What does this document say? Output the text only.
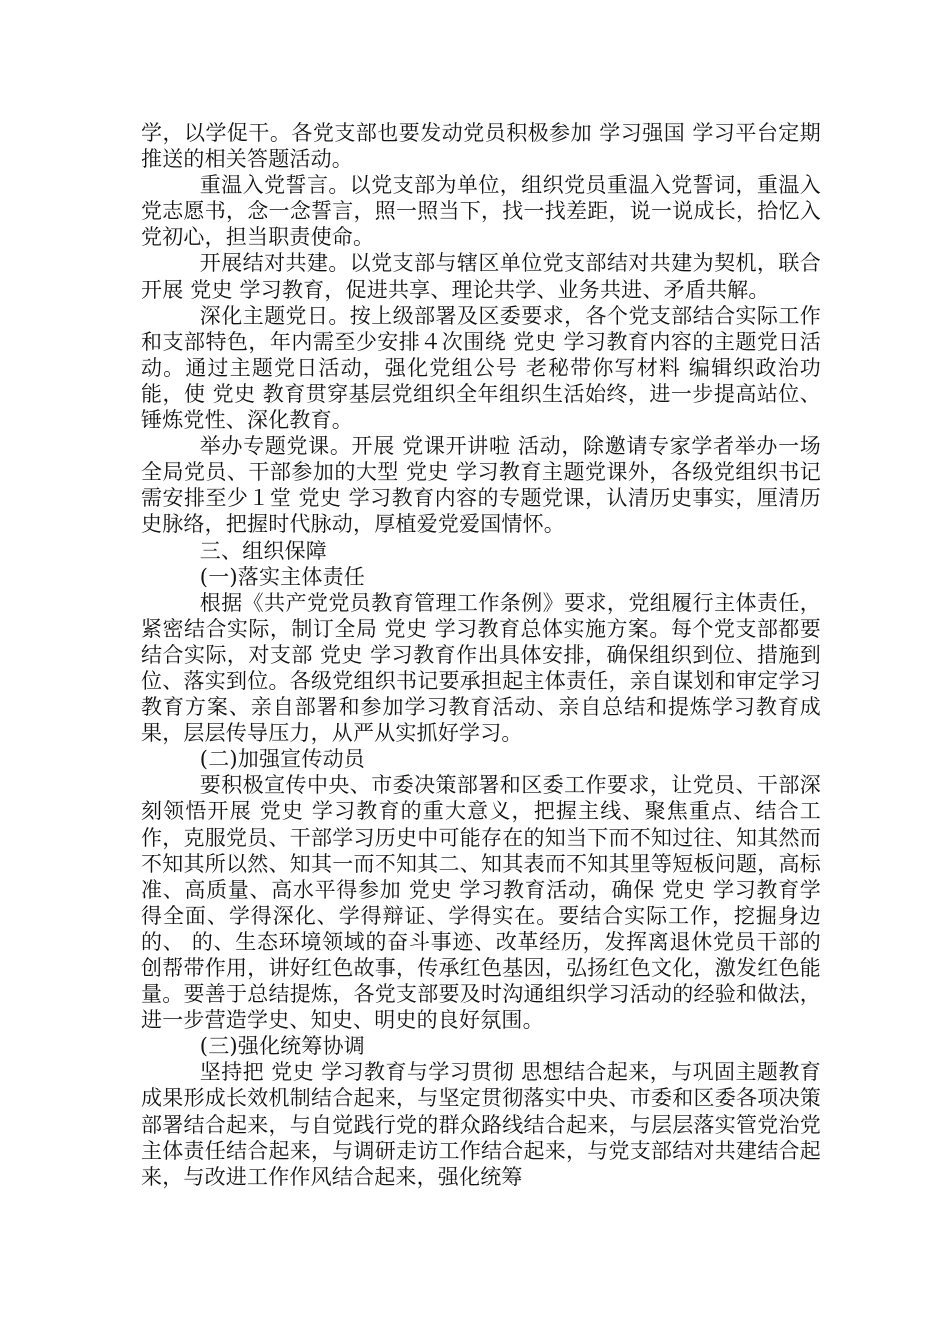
学，以学促干。各党支部也要发动党员积极参加 学习强国 学习平台定期推送的相关答题活动。

重温入党誓言。以党支部为单位，组织党员重温入党誓词，重温入党志愿书，念一念誓言，照一照当下，找一找差距，说一说成长，拾忆入党初心，担当职责使命。

开展结对共建。以党支部与辖区单位党支部结对共建为契机，联合开展 党史 学习教育，促进共享、理论共学、业务共进、矛盾共解。

深化主题党日。按上级部署及区委要求，各个党支部结合实际工作和支部特色，年内需至少安排４次围绕 党史 学习教育内容的主题党日活动。通过主题党日活动，强化党组公号 老秘带你写材料 编辑织政治功能，使 党史 教育贯穿基层党组织全年组织生活始终，进一步提高站位、锤炼党性、深化教育。

举办专题党课。开展 党课开讲啦 活动，除邀请专家学者举办一场全局党员、干部参加的大型 党史 学习教育主题党课外，各级党组织书记需安排至少１堂 党史 学习教育内容的专题党课，认清历史事实，厘清历史脉络，把握时代脉动，厚植爱党爱国情怀。

三、组织保障

(一)落实主体责任

根据《共产党党员教育管理工作条例》要求，党组履行主体责任，紧密结合实际，制订全局 党史 学习教育总体实施方案。每个党支部都要结合实际，对支部 党史 学习教育作出具体安排，确保组织到位、措施到位、落实到位。各级党组织书记要承担起主体责任，亲自谋划和审定学习教育方案、亲自部署和参加学习教育活动、亲自总结和提炼学习教育成果，层层传导压力，从严从实抓好学习。

(二)加强宣传动员

要积极宣传中央、市委决策部署和区委工作要求，让党员、干部深刻领悟开展 党史 学习教育的重大意义，把握主线、聚焦重点、结合工作，克服党员、干部学习历史中可能存在的知当下而不知过往、知其然而不知其所以然、知其一而不知其二、知其表而不知其里等短板问题，高标准、高质量、高水平得参加 党史 学习教育活动，确保 党史 学习教育学得全面、学得深化、学得辩证、学得实在。要结合实际工作，挖掘身边的、 的、生态环境领域的奋斗事迹、改革经历，发挥离退休党员干部的创帮带作用，讲好红色故事，传承红色基因，弘扬红色文化，激发红色能量。要善于总结提炼，各党支部要及时沟通组织学习活动的经验和做法，进一步营造学史、知史、明史的良好氛围。

(三)强化统筹协调

坚持把 党史 学习教育与学习贯彻 思想结合起来，与巩固主题教育成果形成长效机制结合起来，与坚定贯彻落实中央、市委和区委各项决策部署结合起来，与自觉践行党的群众路线结合起来，与层层落实管党治党主体责任结合起来，与调研走访工作结合起来，与党支部结对共建结合起来，与改进工作作风结合起来，强化统筹
